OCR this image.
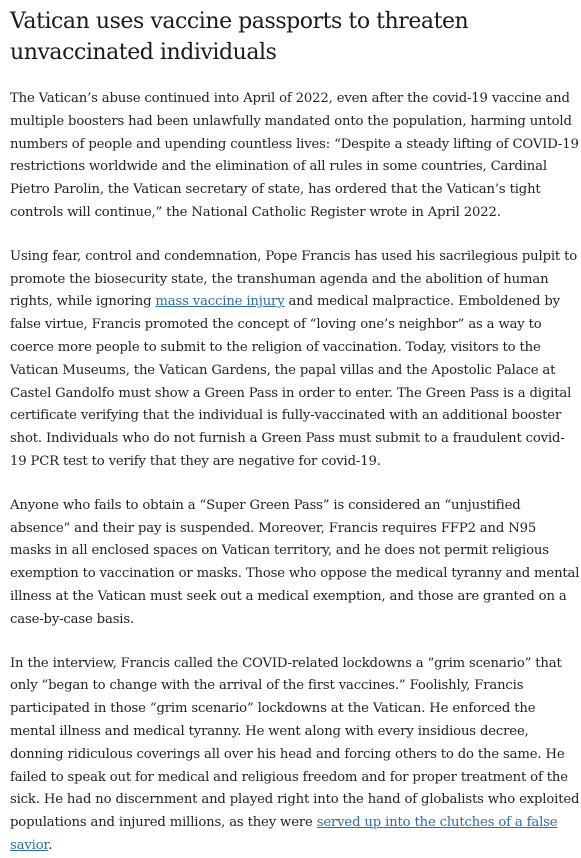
Vatican uses vaccine passports to threaten unvaccinated individuals

The Vatican’s abuse continued into April of 2022, even after the covid-19 vaccine and multiple boosters had been unlawfully mandated onto the population, harming untold numbers of people and upending countless lives: “Despite a steady lifting of COVID-19 restrictions worldwide and the elimination of all rules in some countries, Cardinal Pietro Parolin, the Vatican secretary of state, has ordered that the Vatican’s tight controls will continue,” the National Catholic Register wrote in April 2022.

Using fear, control and condemnation, Pope Francis has used his sacrilegious pulpit to promote the biosecurity state, the transhuman agenda and the abolition of human rights, while ignoring mass vaccine injury and medical malpractice. Emboldened by false virtue, Francis promoted the concept of “loving one’s neighbor” as a way to coerce more people to submit to the religion of vaccination. Today, visitors to the Vatican Museums, the Vatican Gardens, the papal villas and the Apostolic Palace at Castel Gandolfo must show a Green Pass in order to enter. The Green Pass is a digital certificate verifying that the individual is fully-vaccinated with an additional booster shot. Individuals who do not furnish a Green Pass must submit to a fraudulent covid-19 PCR test to verify that they are negative for covid-19.

Anyone who fails to obtain a “Super Green Pass” is considered an “unjustified absence” and their pay is suspended. Moreover, Francis requires FFP2 and N95 masks in all enclosed spaces on Vatican territory, and he does not permit religious exemption to vaccination or masks. Those who oppose the medical tyranny and mental illness at the Vatican must seek out a medical exemption, and those are granted on a case-by-case basis.

In the interview, Francis called the COVID-related lockdowns a “grim scenario” that only “began to change with the arrival of the first vaccines.” Foolishly, Francis participated in those “grim scenario” lockdowns at the Vatican. He enforced the mental illness and medical tyranny. He went along with every insidious decree, donning ridiculous coverings all over his head and forcing others to do the same. He failed to speak out for medical and religious freedom and for proper treatment of the sick. He had no discernment and played right into the hand of globalists who exploited populations and injured millions, as they were served up into the clutches of a false savior.
